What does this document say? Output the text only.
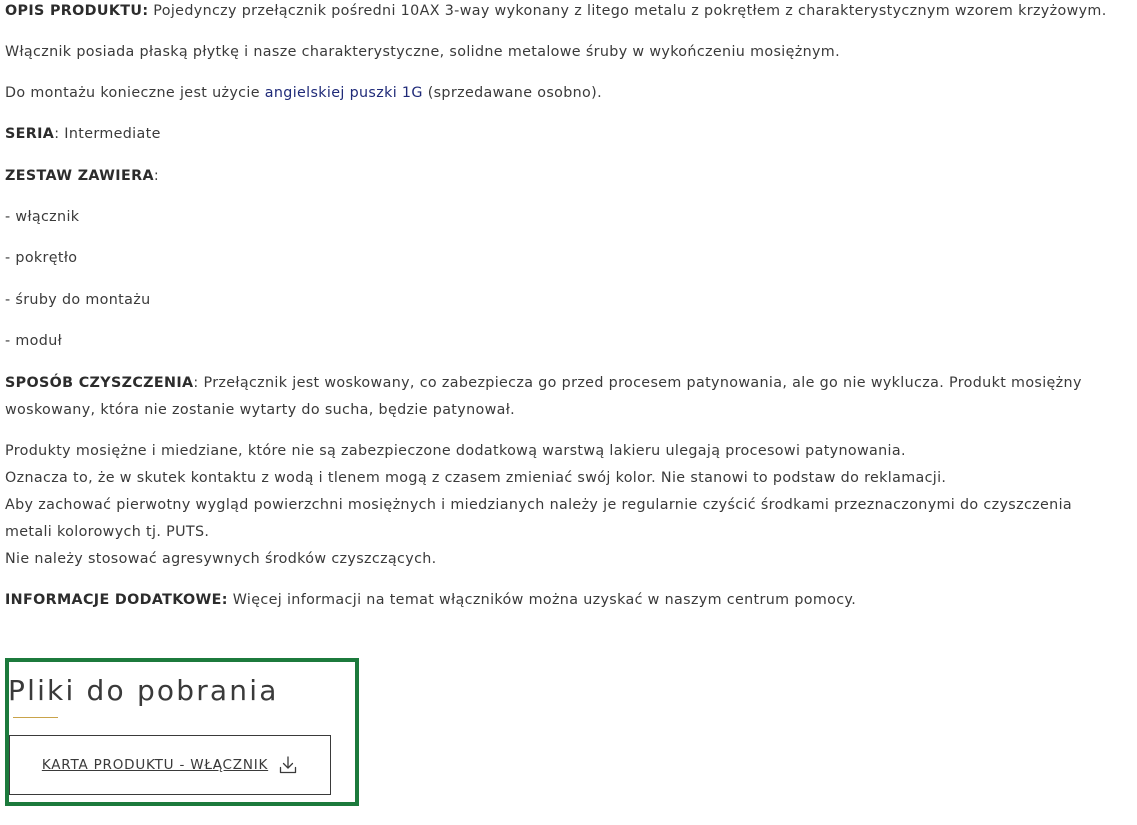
OPIS PRODUKTU: Pojedynczy przełącznik pośredni 10AX 3-way wykonany z litego metalu z pokrętłem z charakterystycznym wzorem krzyżowym.

Włącznik posiada płaską płytkę i nasze charakterystyczne, solidne metalowe śruby w wykończeniu mosiężnym.

Do montażu konieczne jest użycie angielskiej puszki 1G (sprzedawane osobno).

SERIA: Intermediate

ZESTAW ZAWIERA:

- włącznik

- pokrętło

- śruby do montażu

- moduł

SPOSÓB CZYSZCZENIA: Przełącznik jest woskowany, co zabezpiecza go przed procesem patynowania, ale go nie wyklucza. Produkt mosiężny
woskowany, która nie zostanie wytarty do sucha, będzie patynował.
Produkty mosiężne i miedziane, które nie są zabezpieczone dodatkową warstwą lakieru ulegają procesowi patynowania.
Oznacza to, że w skutek kontaktu z wodą i tlenem mogą z czasem zmieniać swój kolor. Nie stanowi to podstaw do reklamacji.
Aby zachować pierwotny wygląd powierzchni mosiężnych i miedzianych należy je regularnie czyścić środkami przeznaczonymi do czyszczenia
metali kolorowych tj. PUTS.
Nie należy stosować agresywnych środków czyszczących.

INFORMACJE DODATKOWE: Więcej informacji na temat włączników można uzyskać w naszym centrum pomocy.

Pliki do pobrania
KARTA PRODUKTU - WŁĄCZNIK
